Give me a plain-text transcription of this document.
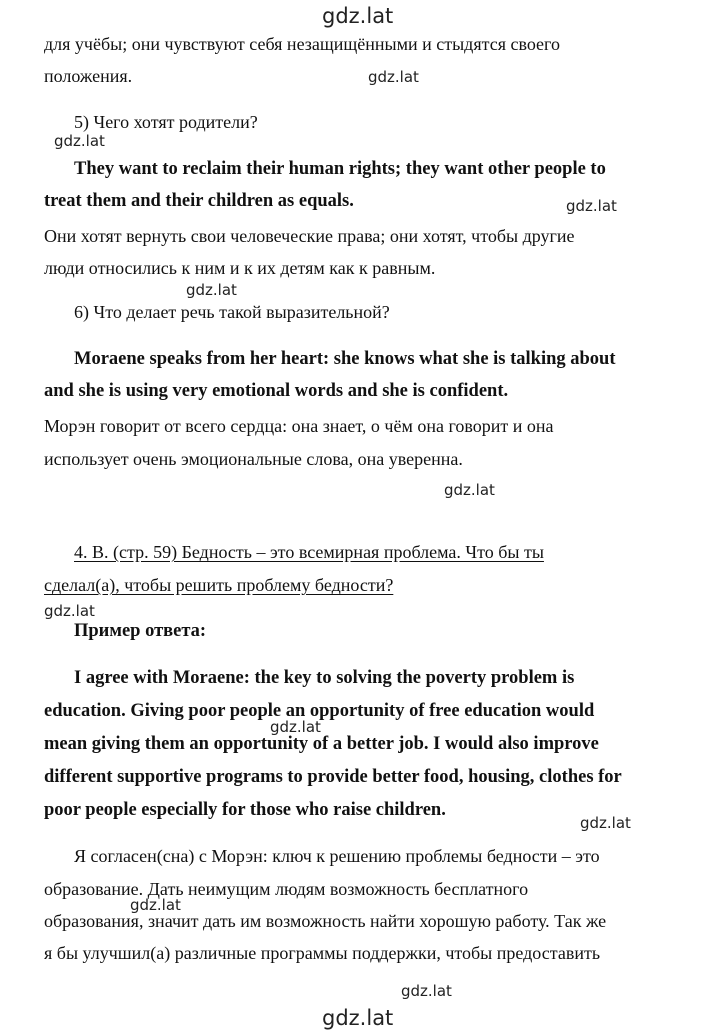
gdz.lat
для учёбы; они чувствуют себя незащищёнными и стыдятся своего
положения.	gdz.lat
5) Чего хотят родители?
gdz.lat
They want to reclaim their human rights; they want other people to
treat them and their children as equals.	gdz.lat
Они хотят вернуть свои человеческие права; они хотят, чтобы другие
люди относились к ним и к их детям как к равным.
gdz.lat
6) Что делает речь такой выразительной?
Moraene speaks from her heart: she knows what she is talking about
and she is using very emotional words and she is confident.
Морэн говорит от всего сердца: она знает, о чём она говорит и она
использует очень эмоциональные слова, она уверенна.
gdz.lat
4. B. (стр. 59) Бедность – это всемирная проблема. Что бы ты
сделал(а), чтобы решить проблему бедности?
gdz.lat
Пример ответа:
I agree with Moraene: the key to solving the poverty problem is
education. Giving poor people an opportunity of free education would
gdz.lat
mean giving them an opportunity of a better job. I would also improve
different supportive programs to provide better food, housing, clothes for
poor people especially for those who raise children.
gdz.lat
Я согласен(сна) с Морэн: ключ к решению проблемы бедности – это
образование. Дать неимущим людям возможность бесплатного
gdz.lat
образования, значит дать им возможность найти хорошую работу. Так же
я бы улучшил(а) различные программы поддержки, чтобы предоставить
gdz.lat
gdz.lat
